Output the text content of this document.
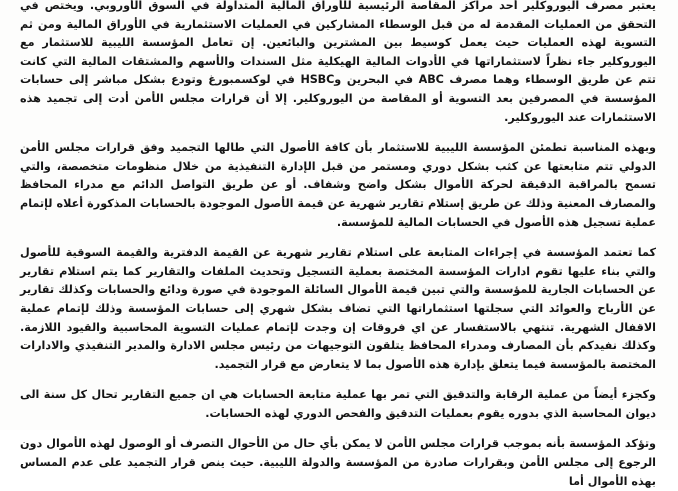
يعتبر مصرف اليوروكلير أحد مراكز المقاصة الرئيسية للأوراق المالية المتداولة في السوق الأوروبي. ويختص في التحقق من العمليات المقدمة له من قبل الوسطاء المشاركين في العمليات الاستثمارية في الأوراق المالية ومن ثم التسوية لهذه العمليات حيث يعمل كوسيط بين المشترين والبائعين. إن تعامل المؤسسة الليبية للاستثمار مع اليوروكلير جاء نظراً لاستثماراتها في الأدوات المالية الهيكلية مثل السندات والأسهم والمشتقات المالية التي كانت تتم عن طريق الوسطاء وهما مصرف ABC في البحرين وHSBC في لوكسمبورغ وتودع بشكل مباشر إلى حسابات المؤسسة في المصرفين بعد التسوية أو المقاصة من اليوروكلير. إلا أن قرارات مجلس الأمن أدت إلى تجميد هذه الاستثمارات عند اليوروكلير.

وبهذه المناسبة تطمئن المؤسسة الليبية للاستثمار بأن كافة الأصول التي طالها التجميد وفق قرارات مجلس الأمن الدولي تتم متابعتها عن كثب بشكل دوري ومستمر من قبل الإدارة التنفيذية من خلال منظومات متخصصة، والتي تسمح بالمراقبة الدقيقة لحركة الأموال بشكل واضح وشفاف. أو عن طريق التواصل الدائم مع مدراء المحافظ والمصارف المعنية وذلك عن طريق إستلام تقارير شهرية عن قيمة الأصول الموجودة بالحسابات المذكورة أعلاه لإتمام عملية تسجيل هذه الأصول في الحسابات المالية للمؤسسة.

كما تعتمد المؤسسة في إجراءات المتابعة على استلام تقارير شهرية عن القيمة الدفترية والقيمة السوقية للأصول والتي بناء عليها تقوم ادارات المؤسسة المختصة بعملية التسجيل وتحديث الملفات والتقارير كما يتم استلام تقارير عن الحسابات الجارية للمؤسسة والتي تبين قيمة الأموال السائلة الموجودة في صورة ودائع والحسابات وكذلك تقارير عن الأرباح والعوائد التي سجلتها استثماراتها التي تضاف بشكل شهري إلى حسابات المؤسسة وذلك لإتمام عملية الاقفال الشهرية. تنتهي بالاستفسار عن اي فروقات إن وجدت لإتمام عمليات التسوية المحاسبية والقيود اللازمة. وكذلك نفيدكم بأن المصارف ومدراء المحافظ يتلقون التوجيهات من رئيس مجلس الادارة والمدير التنفيذي والادارات المختصة بالمؤسسة فيما يتعلق بإدارة هذه الأصول بما لا يتعارض مع قرار التجميد.

وكجزء أيضاً من عملية الرقابة والتدقيق التي تمر بها عملية متابعة الحسابات هي ان جميع التقارير تحال كل سنة الى ديوان المحاسبة الذي بدوره يقوم بعمليات التدقيق والفحص الدوري لهذه الحسابات.

وتؤكد المؤسسة بأنه بموجب قرارات مجلس الأمن لا يمكن بأي حال من الأحوال التصرف أو الوصول لهذه الأموال دون الرجوع إلى مجلس الأمن وبقرارات صادرة من المؤسسة والدولة الليبية. حيث ينص قرار التجميد على عدم المساس بهذه الأموال أما
